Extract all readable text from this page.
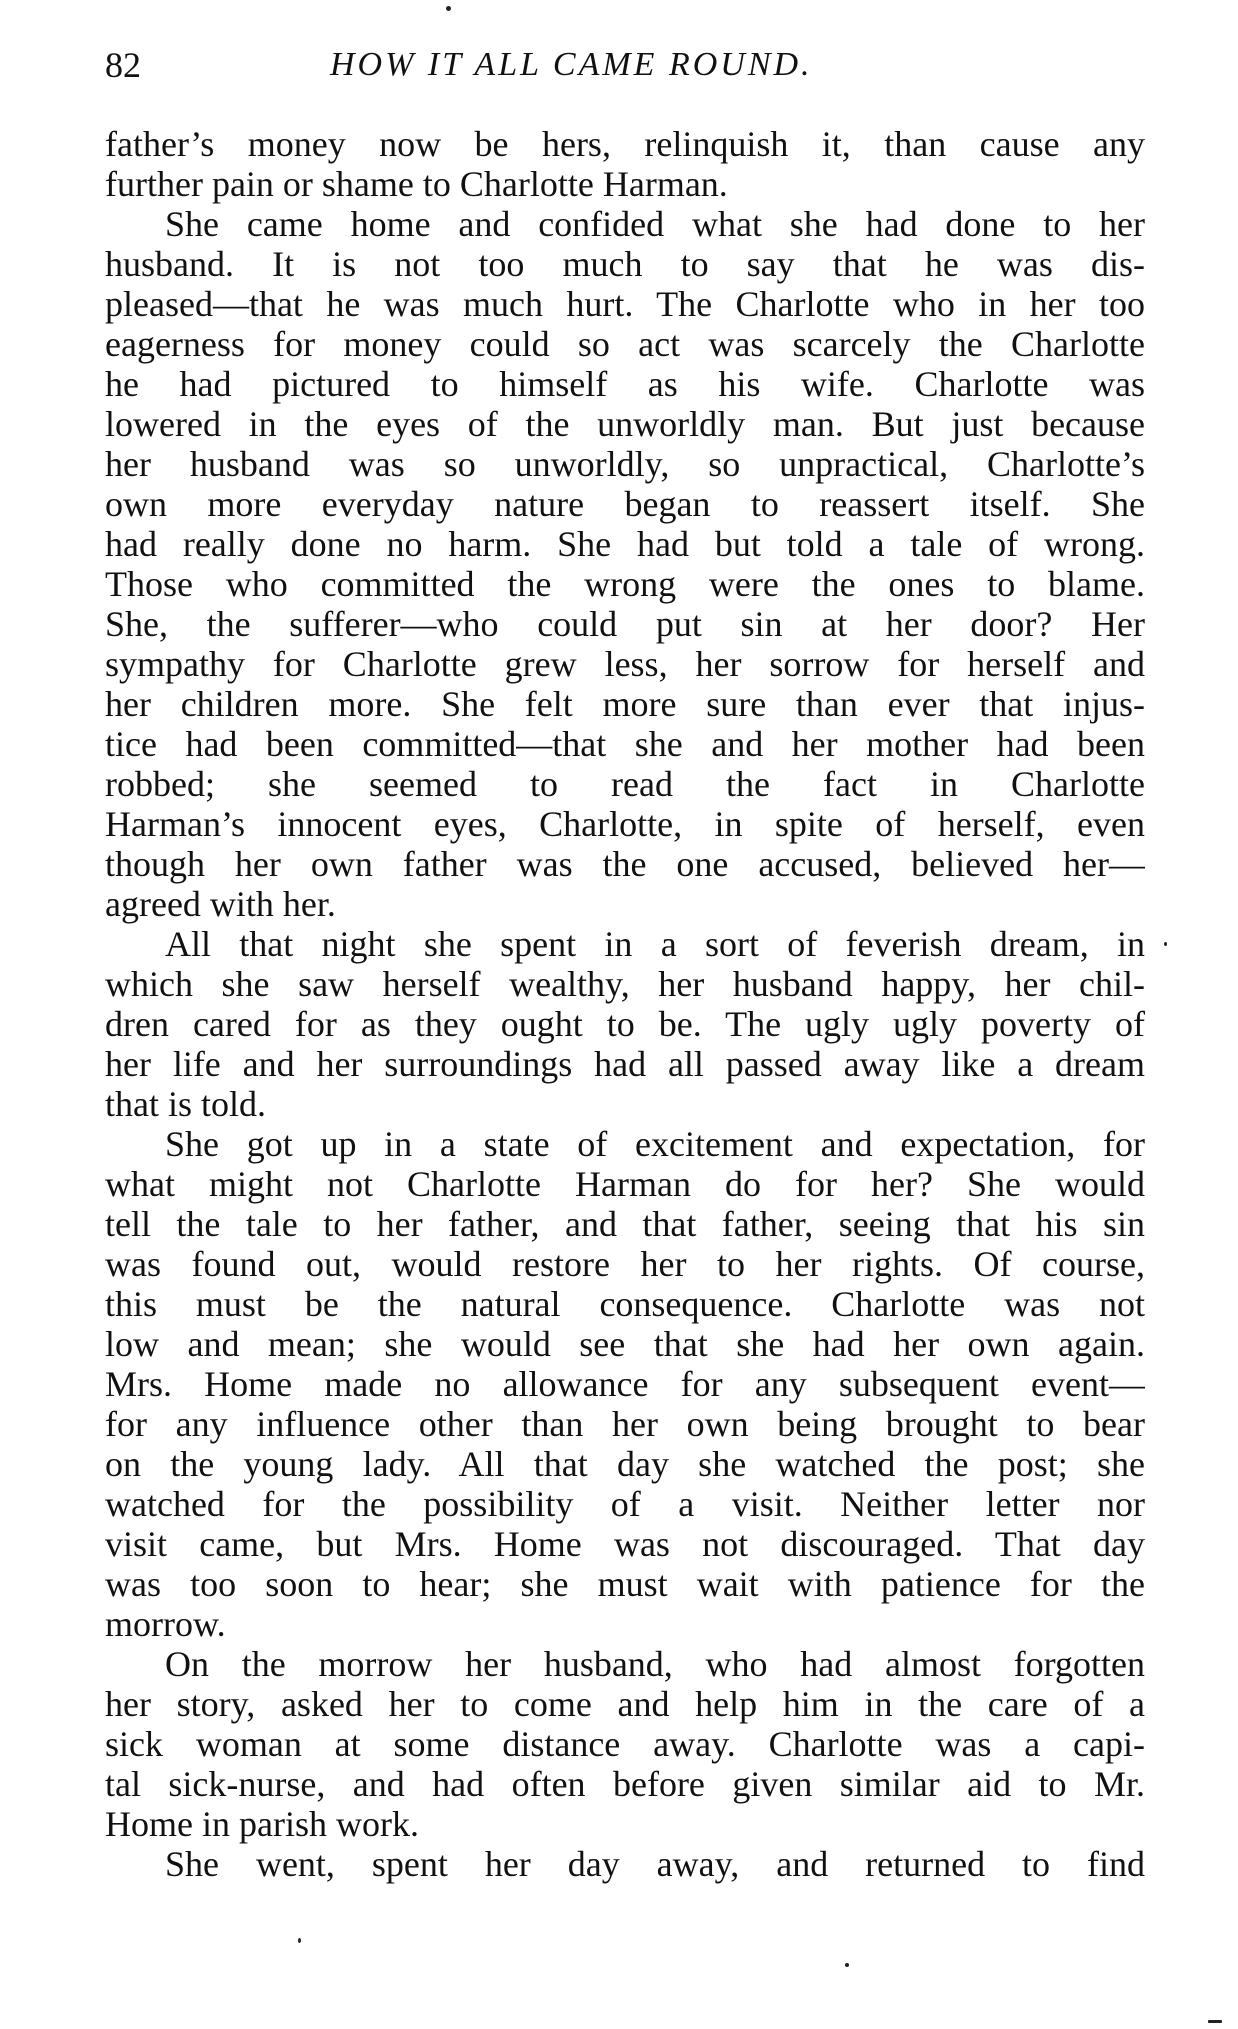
82	HOW IT ALL CAME ROUND.
father’s money now be hers, relinquish it, than cause any
further pain or shame to Charlotte Harman.
She came home and confided what she had done to her
husband. It is not too much to say that he was dis-
pleased—that he was much hurt. The Charlotte who in her too
eagerness for money could so act was scarcely the Charlotte
he had pictured to himself as his wife. Charlotte was
lowered in the eyes of the unworldly man. But just because
her husband was so unworldly, so unpractical, Charlotte’s
own more everyday nature began to reassert itself. She
had really done no harm. She had but told a tale of wrong.
Those who committed the wrong were the ones to blame.
She, the sufferer—who could put sin at her door? Her
sympathy for Charlotte grew less, her sorrow for herself and
her children more. She felt more sure than ever that injus-
tice had been committed—that she and her mother had been
robbed; she seemed to read the fact in Charlotte
Harman’s innocent eyes, Charlotte, in spite of herself, even
though her own father was the one accused, believed her—
agreed with her.
All that night she spent in a sort of feverish dream, in
which she saw herself wealthy, her husband happy, her chil-
dren cared for as they ought to be. The ugly ugly poverty of
her life and her surroundings had all passed away like a dream
that is told.
She got up in a state of excitement and expectation, for
what might not Charlotte Harman do for her? She would
tell the tale to her father, and that father, seeing that his sin
was found out, would restore her to her rights. Of course,
this must be the natural consequence. Charlotte was not
low and mean; she would see that she had her own again.
Mrs. Home made no allowance for any subsequent event—
for any influence other than her own being brought to bear
on the young lady. All that day she watched the post; she
watched for the possibility of a visit. Neither letter nor
visit came, but Mrs. Home was not discouraged. That day
was too soon to hear; she must wait with patience for the
morrow.
On the morrow her husband, who had almost forgotten
her story, asked her to come and help him in the care of a
sick woman at some distance away. Charlotte was a capi-
tal sick-nurse, and had often before given similar aid to Mr.
Home in parish work.
She went, spent her day away, and returned to find
